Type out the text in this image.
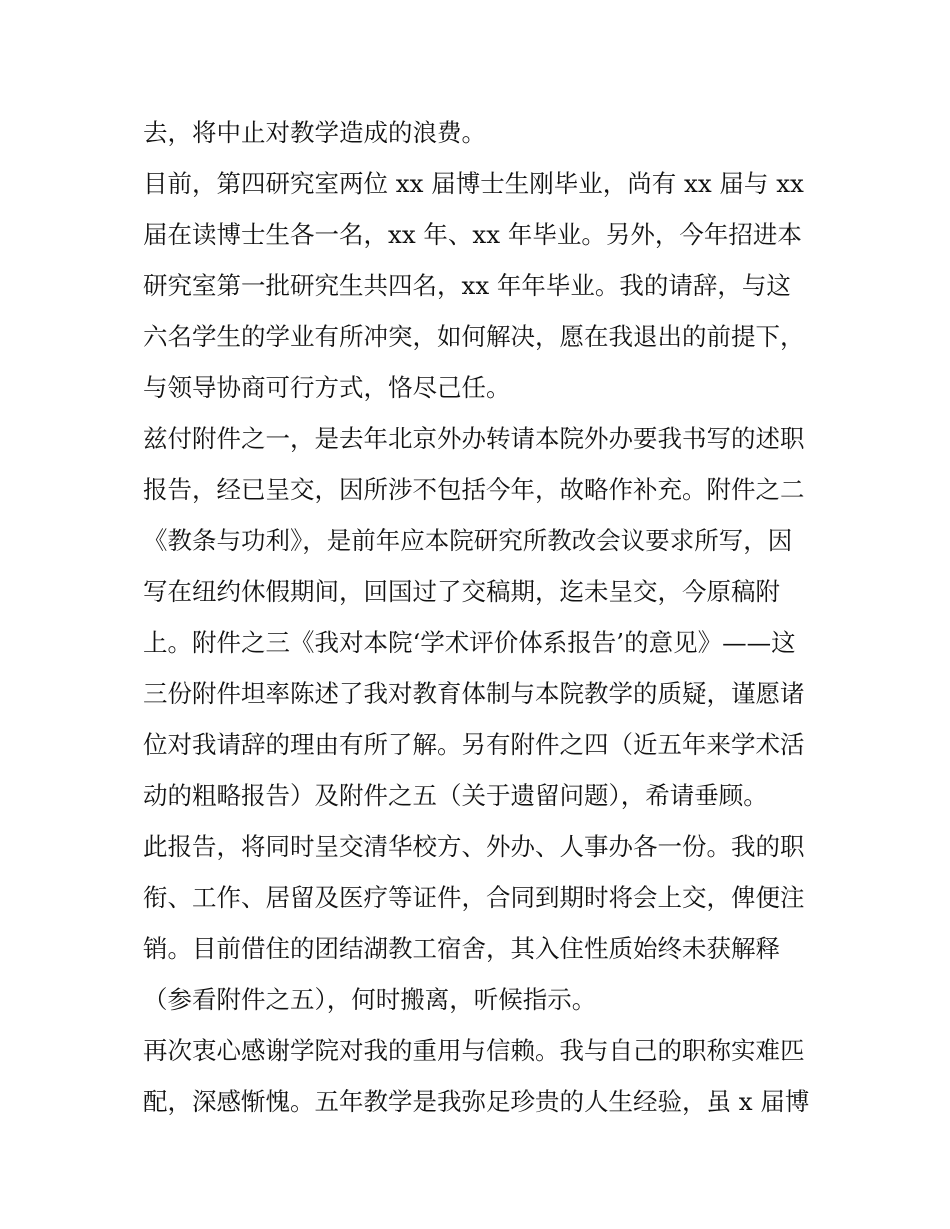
去，将中止对教学造成的浪费。
目前，第四研究室两位 xx 届博士生刚毕业，尚有 xx 届与 xx
届在读博士生各一名，xx 年、xx 年毕业。另外，今年招进本
研究室第一批研究生共四名，xx 年年毕业。我的请辞，与这
六名学生的学业有所冲突，如何解决，愿在我退出的前提下，
与领导协商可行方式，恪尽己任。
兹付附件之一，是去年北京外办转请本院外办要我书写的述职
报告，经已呈交，因所涉不包括今年，故略作补充。附件之二
《教条与功利》，是前年应本院研究所教改会议要求所写，因
写在纽约休假期间，回国过了交稿期，迄未呈交，今原稿附
上。附件之三《我对本院‘学术评价体系报告’的意见》——这
三份附件坦率陈述了我对教育体制与本院教学的质疑，谨愿诸
位对我请辞的理由有所了解。另有附件之四（近五年来学术活
动的粗略报告）及附件之五（关于遗留问题），希请垂顾。
此报告，将同时呈交清华校方、外办、人事办各一份。我的职
衔、工作、居留及医疗等证件，合同到期时将会上交，俾便注
销。目前借住的团结湖教工宿舍，其入住性质始终未获解释
（参看附件之五），何时搬离，听候指示。
再次衷心感谢学院对我的重用与信赖。我与自己的职称实难匹
配，深感惭愧。五年教学是我弥足珍贵的人生经验，虽 x 届博
